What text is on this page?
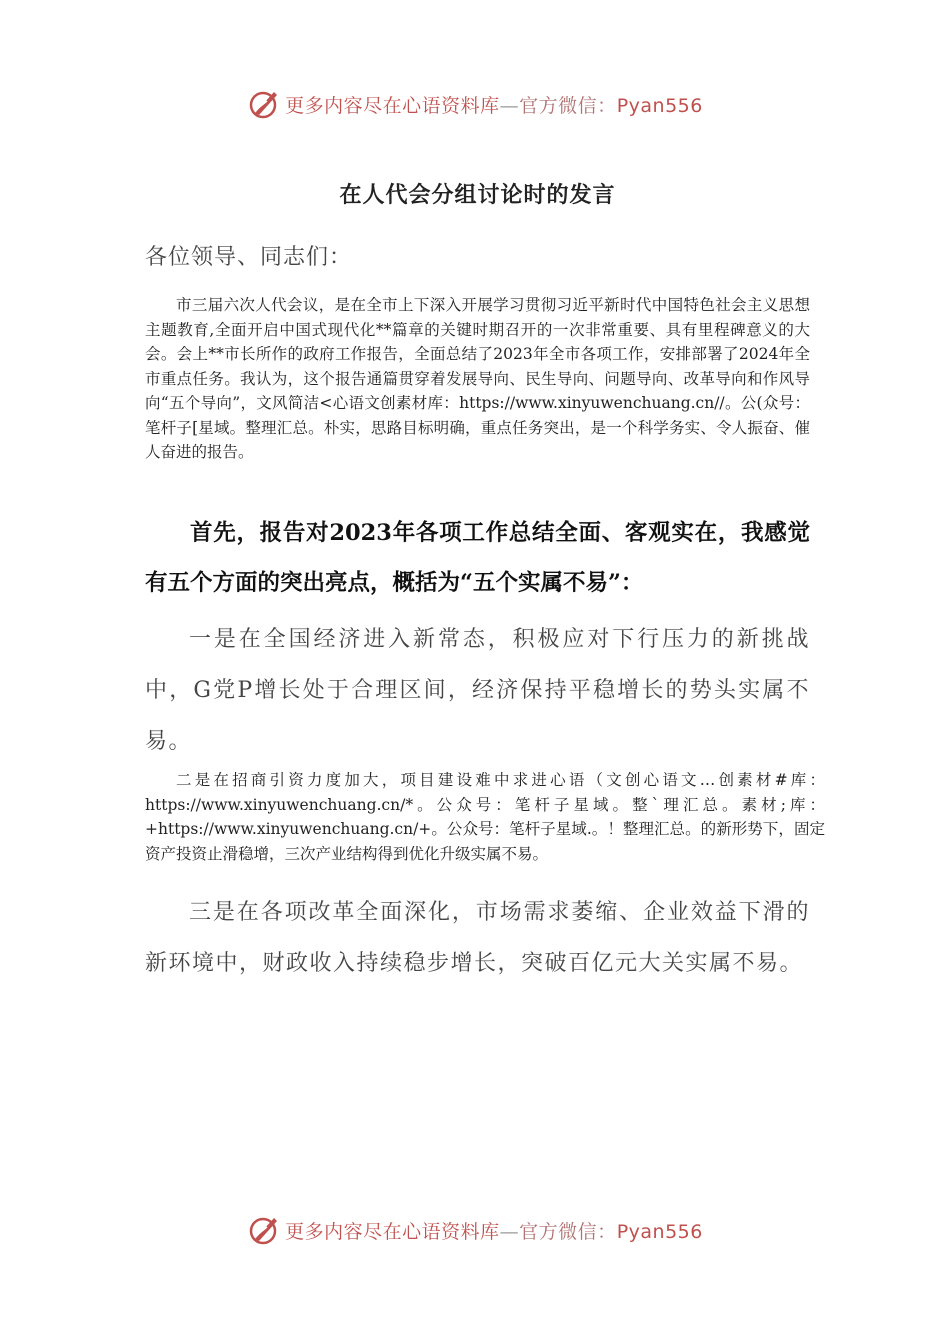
更多内容尽在心语资料库—官方微信：Pyan556
在人代会分组讨论时的发言

各位领导、同志们：

市三届六次人代会议，是在全市上下深入开展学习贯彻习近平新时代中国特色社会主义思想主题教育,全面开启中国式现代化**篇章的关键时期召开的一次非常重要、具有里程碑意义的大会。会上**市长所作的政府工作报告，全面总结了2023年全市各项工作，安排部署了2024年全市重点任务。我认为，这个报告通篇贯穿着发展导向、民生导向、问题导向、改革导向和作风导向“五个导向”，文风简洁<心语文创素材库：https://www.xinyuwenchuang.cn//。公(众号：笔杆子[星域。整理汇总。朴实，思路目标明确，重点任务突出，是一个科学务实、令人振奋、催人奋进的报告。

首先，报告对2023年各项工作总结全面、客观实在，我感觉有五个方面的突出亮点，概括为“五个实属不易”：

一是在全国经济进入新常态，积极应对下行压力的新挑战中，G党P增长处于合理区间，经济保持平稳增长的势头实属不易。

二是在招商引资力度加大，项目建设难中求进心语（文创心语文…创素材#库：https://www.xinyuwenchuang.cn/*。公众号：笔杆子星域。整`理汇总。素材;库：+https://www.xinyuwenchuang.cn/+。公众号：笔杆子星域.。！整理汇总。的新形势下，固定资产投资止滑稳增，三次产业结构得到优化升级实属不易。

三是在各项改革全面深化，市场需求萎缩、企业效益下滑的新环境中，财政收入持续稳步增长，突破百亿元大关实属不易。

更多内容尽在心语资料库—官方微信：Pyan556
